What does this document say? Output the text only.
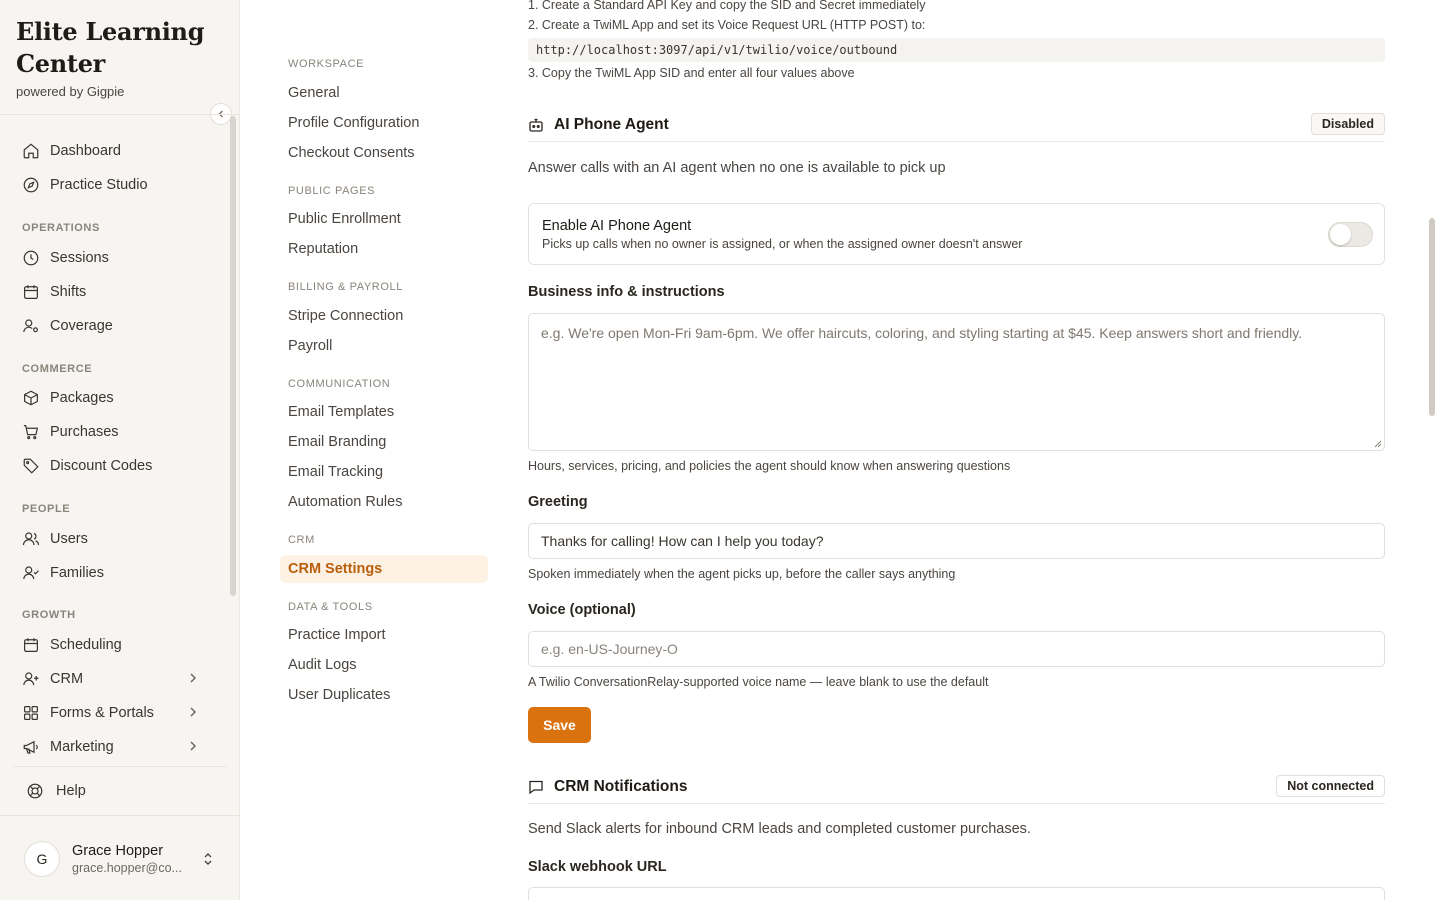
Elite Learning
Center
powered by Gigpie
Dashboard
Practice Studio
OPERATIONS
Sessions
Shifts
Coverage
COMMERCE
Packages
Purchases
Discount Codes
PEOPLE
Users
Families
GROWTH
Scheduling
CRM
Forms & Portals
Marketing
Help
G	Grace Hopper
grace.hopper@co...
WORKSPACE
General
Profile Configuration
Checkout Consents
PUBLIC PAGES
Public Enrollment
Reputation
BILLING & PAYROLL
Stripe Connection
Payroll
COMMUNICATION
Email Templates
Email Branding
Email Tracking
Automation Rules
CRM
CRM Settings
DATA & TOOLS
Practice Import
Audit Logs
User Duplicates
1. Create a Standard API Key and copy the SID and Secret immediately
2. Create a TwiML App and set its Voice Request URL (HTTP POST) to:
http://localhost:3097/api/v1/twilio/voice/outbound
3. Copy the TwiML App SID and enter all four values above
AI Phone Agent	Disabled
Answer calls with an AI agent when no one is available to pick up
Enable AI Phone Agent
Picks up calls when no owner is assigned, or when the assigned owner doesn't answer
Business info & instructions
e.g. We're open Mon-Fri 9am-6pm. We offer haircuts, coloring, and styling starting at $45. Keep answers short and friendly.
Hours, services, pricing, and policies the agent should know when answering questions
Greeting
Thanks for calling! How can I help you today?
Spoken immediately when the agent picks up, before the caller says anything
Voice (optional)
e.g. en-US-Journey-O
A Twilio ConversationRelay-supported voice name — leave blank to use the default
Save
CRM Notifications	Not connected
Send Slack alerts for inbound CRM leads and completed customer purchases.
Slack webhook URL
